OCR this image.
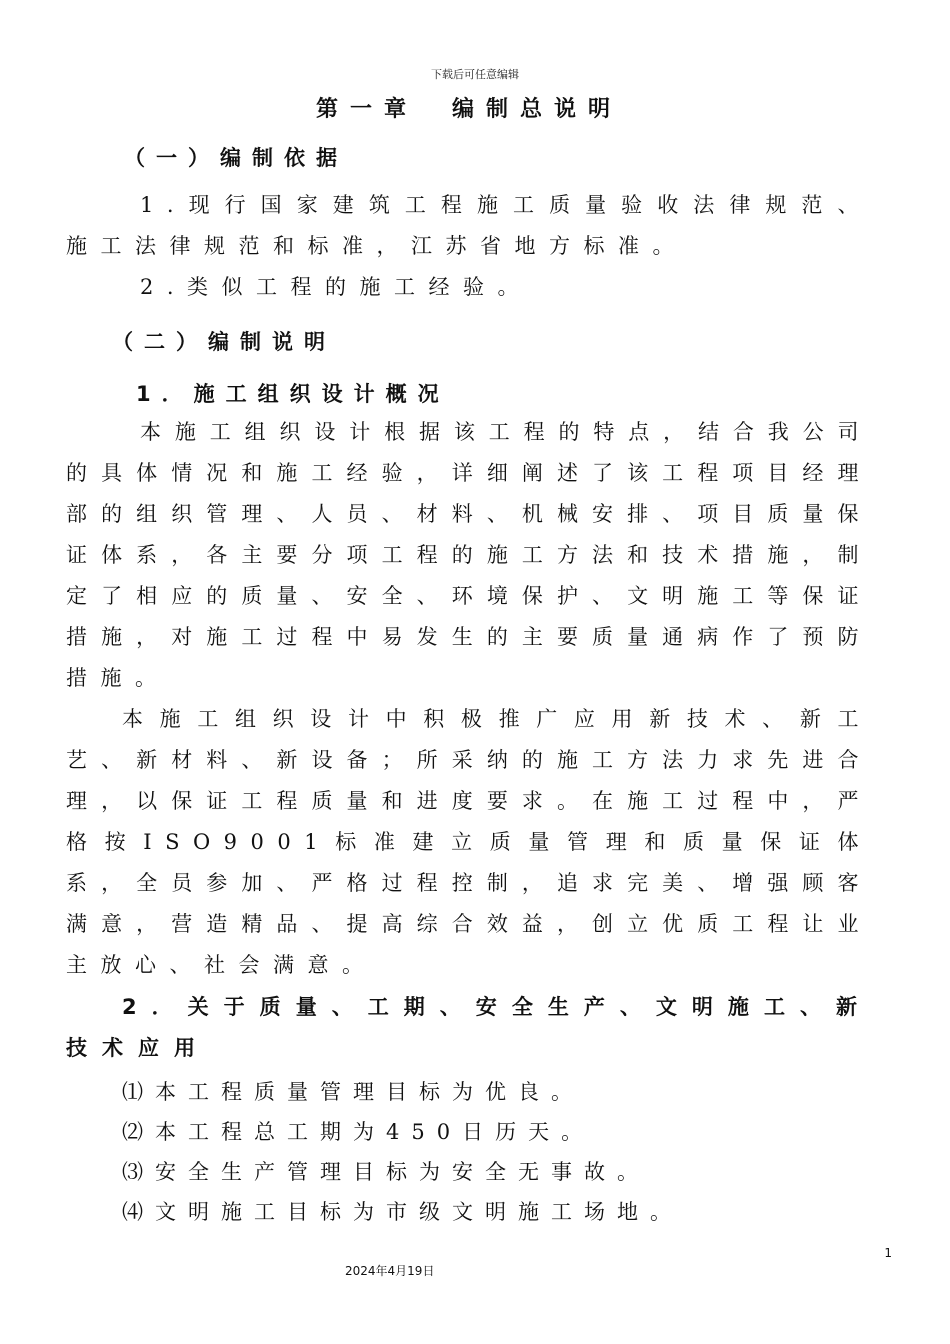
下载后可任意编辑
第一章　编制总说明
（一）编制依据
1.现行国家建筑工程施工质量验收法律规范、施工法律规范和标准，江苏省地方标准。
2.类似工程的施工经验。
（二）编制说明
1．施工组织设计概况
本施工组织设计根据该工程的特点，结合我公司的具体情况和施工经验，详细阐述了该工程项目经理部的组织管理、人员、材料、机械安排、项目质量保证体系，各主要分项工程的施工方法和技术措施，制定了相应的质量、安全、环境保护、文明施工等保证措施，对施工过程中易发生的主要质量通病作了预防措施。
本施工组织设计中积极推广应用新技术、新工艺、新材料、新设备；所采纳的施工方法力求先进合理，以保证工程质量和进度要求。在施工过程中，严格按ISO9001标准建立质量管理和质量保证体系，全员参加、严格过程控制，追求完美、增强顾客满意，营造精品、提高综合效益，创立优质工程让业主放心、社会满意。
2．关于质量、工期、安全生产、文明施工、新技术应用
⑴本工程质量管理目标为优良。
⑵本工程总工期为450日历天。
⑶安全生产管理目标为安全无事故。
⑷文明施工目标为市级文明施工场地。
1
2024年4月19日
